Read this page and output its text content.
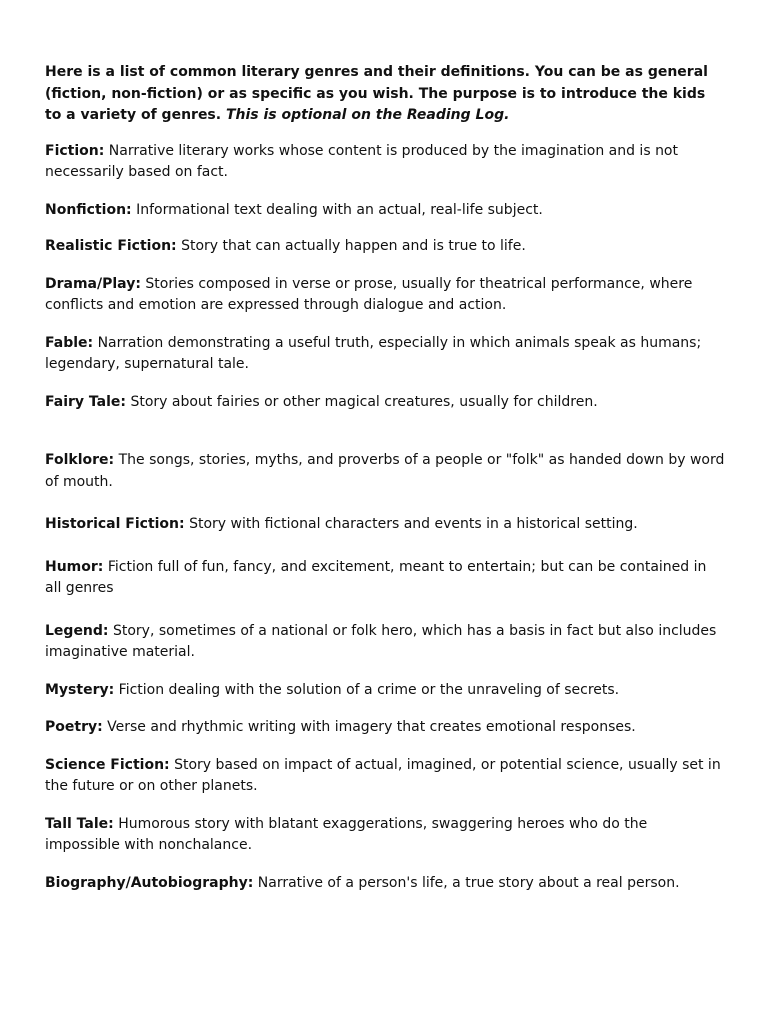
Here is a list of common literary genres and their definitions. You can be as general (fiction, non-fiction) or as specific as you wish. The purpose is to introduce the kids to a variety of genres. This is optional on the Reading Log.

Fiction: Narrative literary works whose content is produced by the imagination and is not necessarily based on fact.

Nonfiction: Informational text dealing with an actual, real-life subject.

Realistic Fiction: Story that can actually happen and is true to life.

Drama/Play: Stories composed in verse or prose, usually for theatrical performance, where conflicts and emotion are expressed through dialogue and action.

Fable: Narration demonstrating a useful truth, especially in which animals speak as humans; legendary, supernatural tale.

Fairy Tale: Story about fairies or other magical creatures, usually for children.

Folklore: The songs, stories, myths, and proverbs of a people or "folk" as handed down by word of mouth.

Historical Fiction: Story with fictional characters and events in a historical setting.

Humor: Fiction full of fun, fancy, and excitement, meant to entertain; but can be contained in all genres

Legend: Story, sometimes of a national or folk hero, which has a basis in fact but also includes imaginative material.

Mystery: Fiction dealing with the solution of a crime or the unraveling of secrets.

Poetry: Verse and rhythmic writing with imagery that creates emotional responses.

Science Fiction: Story based on impact of actual, imagined, or potential science, usually set in the future or on other planets.

Tall Tale: Humorous story with blatant exaggerations, swaggering heroes who do the impossible with nonchalance.

Biography/Autobiography: Narrative of a person's life, a true story about a real person.
